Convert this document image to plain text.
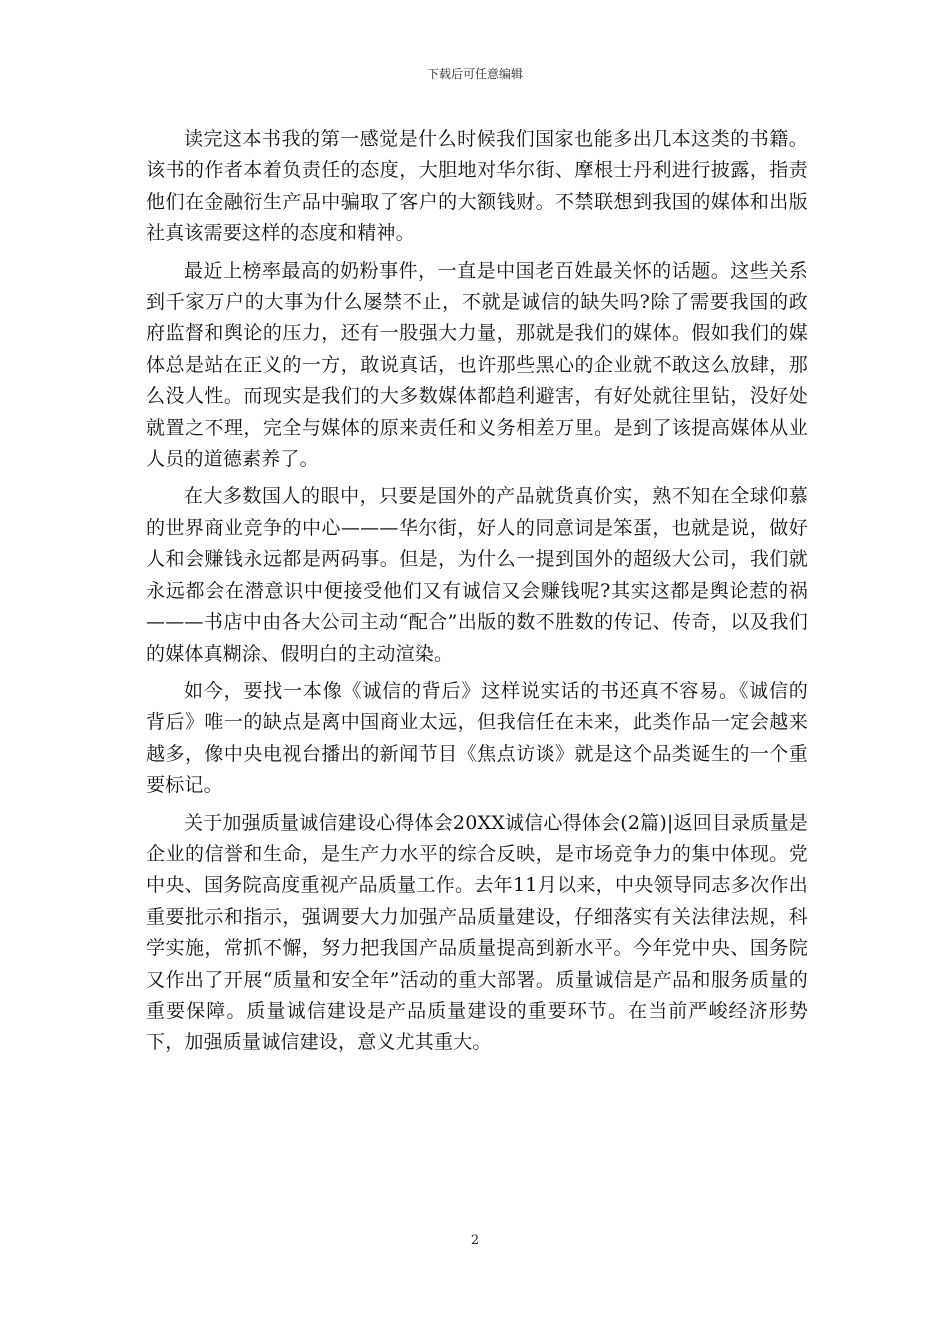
下载后可任意编辑

读完这本书我的第一感觉是什么时候我们国家也能多出几本这类的书籍。该书的作者本着负责任的态度，大胆地对华尔街、摩根士丹利进行披露，指责他们在金融衍生产品中骗取了客户的大额钱财。不禁联想到我国的媒体和出版社真该需要这样的态度和精神。

最近上榜率最高的奶粉事件，一直是中国老百姓最关怀的话题。这些关系到千家万户的大事为什么屡禁不止，不就是诚信的缺失吗?除了需要我国的政府监督和舆论的压力，还有一股强大力量，那就是我们的媒体。假如我们的媒体总是站在正义的一方，敢说真话，也许那些黑心的企业就不敢这么放肆，那么没人性。而现实是我们的大多数媒体都趋利避害，有好处就往里钻，没好处就置之不理，完全与媒体的原来责任和义务相差万里。是到了该提高媒体从业人员的道德素养了。

在大多数国人的眼中，只要是国外的产品就货真价实，熟不知在全球仰慕的世界商业竞争的中心———华尔街，好人的同意词是笨蛋，也就是说，做好人和会赚钱永远都是两码事。但是，为什么一提到国外的超级大公司，我们就永远都会在潜意识中便接受他们又有诚信又会赚钱呢?其实这都是舆论惹的祸———书店中由各大公司主动“配合”出版的数不胜数的传记、传奇，以及我们的媒体真糊涂、假明白的主动渲染。

如今，要找一本像《诚信的背后》这样说实话的书还真不容易。《诚信的背后》唯一的缺点是离中国商业太远，但我信任在未来，此类作品一定会越来越多，像中央电视台播出的新闻节目《焦点访谈》就是这个品类诞生的一个重要标记。

关于加强质量诚信建设心得体会20XX诚信心得体会(2篇)|返回目录质量是企业的信誉和生命，是生产力水平的综合反映，是市场竞争力的集中体现。党中央、国务院高度重视产品质量工作。去年11月以来，中央领导同志多次作出重要批示和指示，强调要大力加强产品质量建设，仔细落实有关法律法规，科学实施，常抓不懈，努力把我国产品质量提高到新水平。今年党中央、国务院又作出了开展“质量和安全年”活动的重大部署。质量诚信是产品和服务质量的重要保障。质量诚信建设是产品质量建设的重要环节。在当前严峻经济形势下，加强质量诚信建设，意义尤其重大。

2
